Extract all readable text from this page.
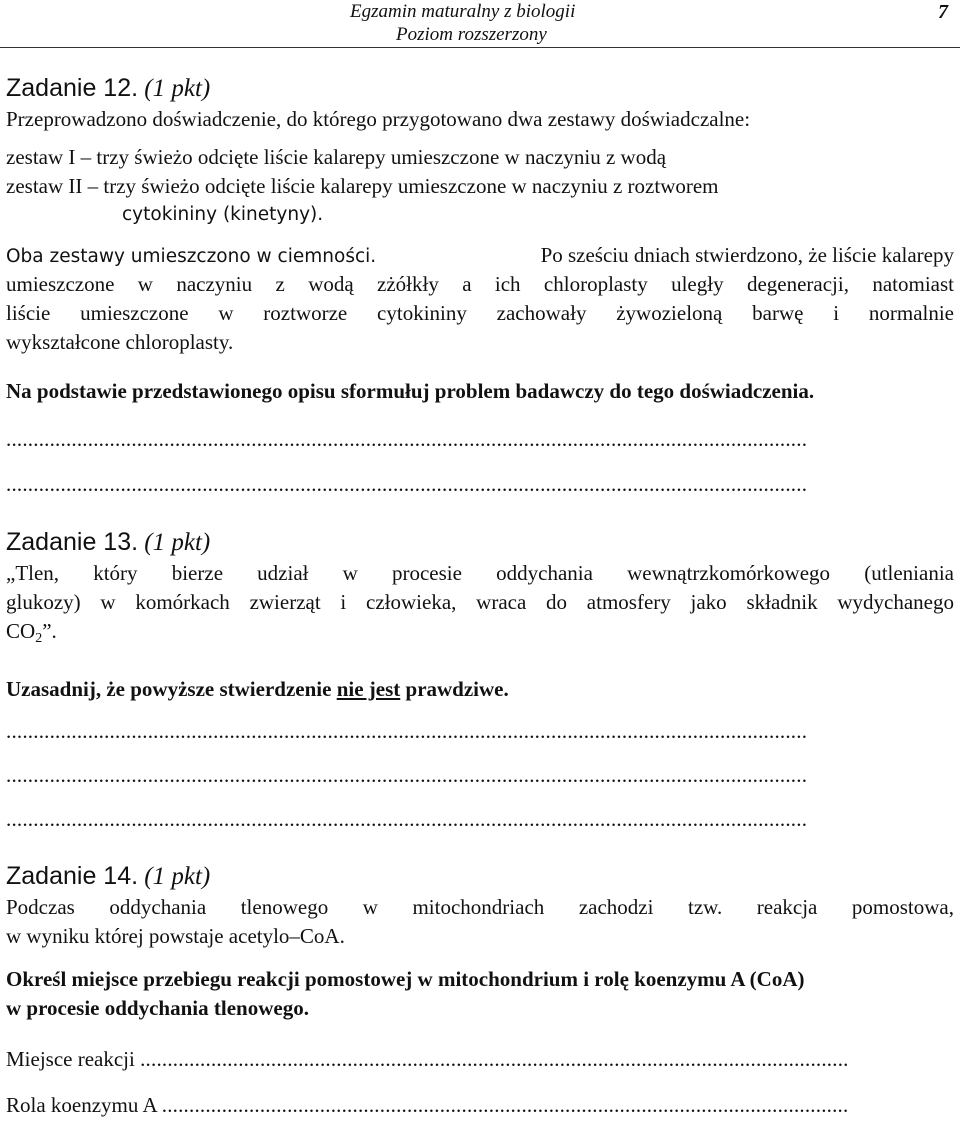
Egzamin maturalny z biologii
Poziom rozszerzony
7
Zadanie 12. (1 pkt)
Przeprowadzono doświadczenie, do którego przygotowano dwa zestawy doświadczalne:
zestaw I – trzy świeżo odcięte liście kalarepy umieszczone w naczyniu z wodą
zestaw II – trzy świeżo odcięte liście kalarepy umieszczone w naczyniu z roztworem
cytokininy (kinetyny).
Oba zestawy umieszczono w ciemności.	Po sześciu dniach stwierdzono, że liście kalarepy
umieszczone w naczyniu z wodą zżółkły a ich chloroplasty uległy degeneracji, natomiast
liście umieszczone w roztworze cytokininy zachowały żywozieloną barwę i normalnie
wykształcone chloroplasty.
Na podstawie przedstawionego opisu sformułuj problem badawczy do tego doświadczenia.
...................................................................................................................................................
...................................................................................................................................................
Zadanie 13. (1 pkt)
„Tlen, który bierze udział w procesie oddychania wewnątrzkomórkowego (utleniania
glukozy) w komórkach zwierząt i człowieka, wraca do atmosfery jako składnik wydychanego
$CO_2$”.
Uzasadnij, że powyższe stwierdzenie nie jest prawdziwe.
...................................................................................................................................................
...................................................................................................................................................
...................................................................................................................................................
Zadanie 14. (1 pkt)
Podczas oddychania tlenowego w mitochondriach zachodzi tzw. reakcja pomostowa,
w wyniku której powstaje acetylo–CoA.
Określ miejsce przebiegu reakcji pomostowej w mitochondrium i rolę koenzymu A (CoA)
w procesie oddychania tlenowego.
Miejsce reakcji ..................................................................................................................................
Rola koenzymu A ..............................................................................................................................
